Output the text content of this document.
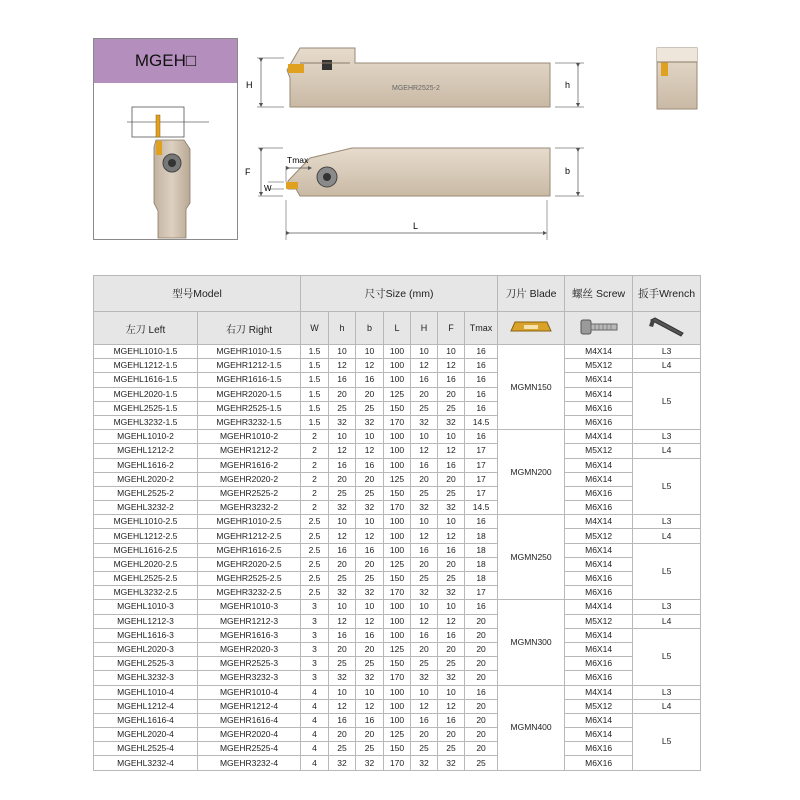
MGEH□
MGEHR2525-2
H	h
F
W
Tmax
b
L
型号Model		尺寸Size (mm)							刀片 Blade	螺丝 Screw	扳手Wrench
左刀 Left	右刀 Right	W	h	b	L	H	F	Tmax			
MGEHL1010-1.5	MGEHR1010-1.5	1.5	10	10	100	10	10	16	MGMN150	M4X14	L3
MGEHL1212-1.5	MGEHR1212-1.5	1.5	12	12	100	12	12	16		M5X12	L4
MGEHL1616-1.5	MGEHR1616-1.5	1.5	16	16	100	16	16	16		M6X14	L5
MGEHL2020-1.5	MGEHR2020-1.5	1.5	20	20	125	20	20	16		M6X14	
MGEHL2525-1.5	MGEHR2525-1.5	1.5	25	25	150	25	25	16		M6X16	
MGEHL3232-1.5	MGEHR3232-1.5	1.5	32	32	170	32	32	14.5		M6X16	
MGEHL1010-2	MGEHR1010-2	2	10	10	100	10	10	16	MGMN200	M4X14	L3
MGEHL1212-2	MGEHR1212-2	2	12	12	100	12	12	17		M5X12	L4
MGEHL1616-2	MGEHR1616-2	2	16	16	100	16	16	17		M6X14	L5
MGEHL2020-2	MGEHR2020-2	2	20	20	125	20	20	17		M6X14	
MGEHL2525-2	MGEHR2525-2	2	25	25	150	25	25	17		M6X16	
MGEHL3232-2	MGEHR3232-2	2	32	32	170	32	32	14.5		M6X16	
MGEHL1010-2.5	MGEHR1010-2.5	2.5	10	10	100	10	10	16	MGMN250	M4X14	L3
MGEHL1212-2.5	MGEHR1212-2.5	2.5	12	12	100	12	12	18		M5X12	L4
MGEHL1616-2.5	MGEHR1616-2.5	2.5	16	16	100	16	16	18		M6X14	L5
MGEHL2020-2.5	MGEHR2020-2.5	2.5	20	20	125	20	20	18		M6X14	
MGEHL2525-2.5	MGEHR2525-2.5	2.5	25	25	150	25	25	18		M6X16	
MGEHL3232-2.5	MGEHR3232-2.5	2.5	32	32	170	32	32	17		M6X16	
MGEHL1010-3	MGEHR1010-3	3	10	10	100	10	10	16	MGMN300	M4X14	L3
MGEHL1212-3	MGEHR1212-3	3	12	12	100	12	12	20		M5X12	L4
MGEHL1616-3	MGEHR1616-3	3	16	16	100	16	16	20		M6X14	L5
MGEHL2020-3	MGEHR2020-3	3	20	20	125	20	20	20		M6X14	
MGEHL2525-3	MGEHR2525-3	3	25	25	150	25	25	20		M6X16	
MGEHL3232-3	MGEHR3232-3	3	32	32	170	32	32	20		M6X16	
MGEHL1010-4	MGEHR1010-4	4	10	10	100	10	10	16	MGMN400	M4X14	L3
MGEHL1212-4	MGEHR1212-4	4	12	12	100	12	12	20		M5X12	L4
MGEHL1616-4	MGEHR1616-4	4	16	16	100	16	16	20		M6X14	L5
MGEHL2020-4	MGEHR2020-4	4	20	20	125	20	20	20		M6X14	
MGEHL2525-4	MGEHR2525-4	4	25	25	150	25	25	20		M6X16	
MGEHL3232-4	MGEHR3232-4	4	32	32	170	32	32	25		M6X16	
